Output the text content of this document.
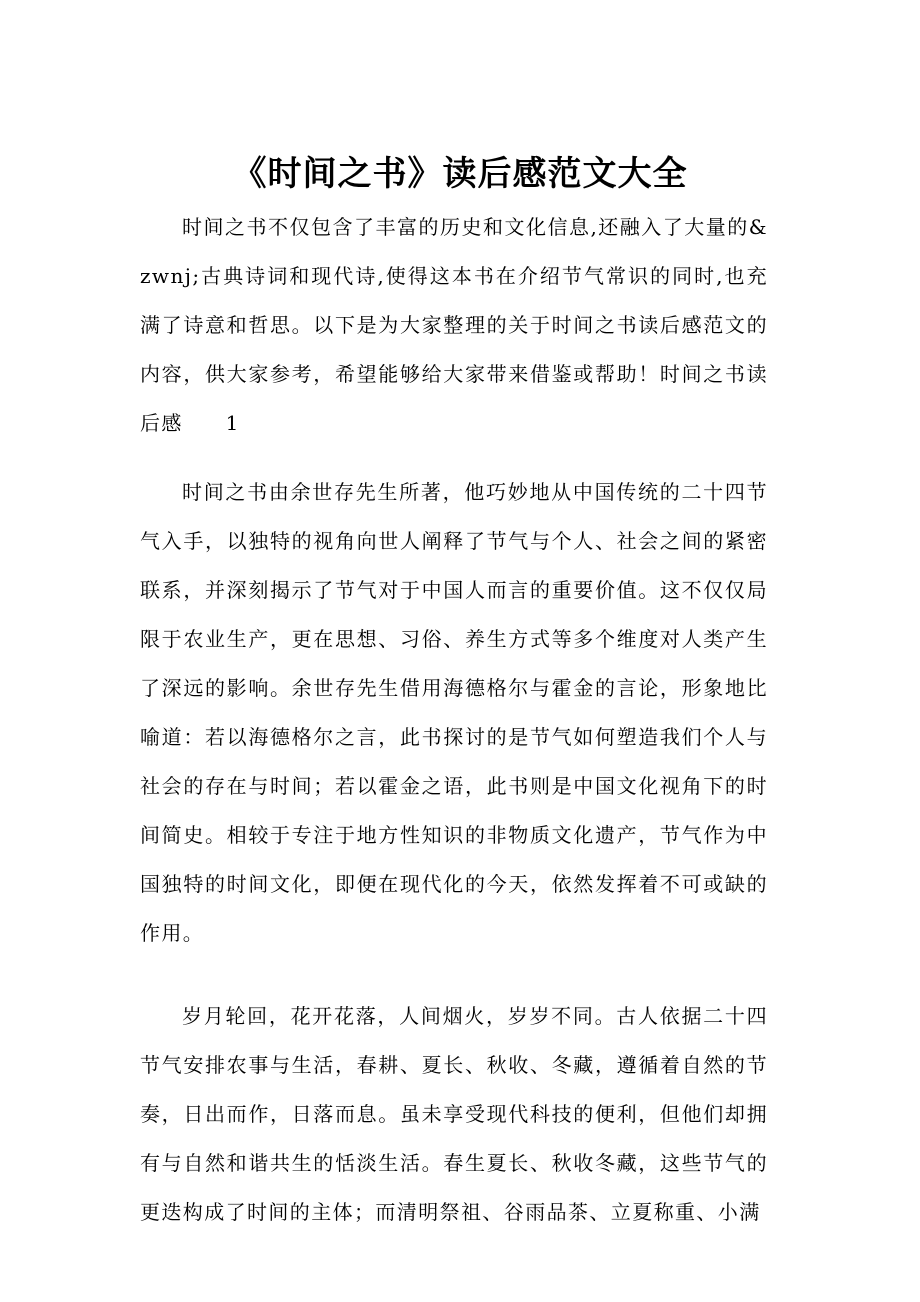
《时间之书》读后感范文大全

时间之书不仅包含了丰富的历史和文化信息,还融入了大量的&zwnj;古典诗词和现代诗,使得这本书在介绍节气常识的同时,也充满了诗意和哲思。以下是为大家整理的关于时间之书读后感范文的内容，供大家参考，希望能够给大家带来借鉴或帮助！时间之书读后感　　1

时间之书由余世存先生所著，他巧妙地从中国传统的二十四节气入手，以独特的视角向世人阐释了节气与个人、社会之间的紧密联系，并深刻揭示了节气对于中国人而言的重要价值。这不仅仅局限于农业生产，更在思想、习俗、养生方式等多个维度对人类产生了深远的影响。余世存先生借用海德格尔与霍金的言论，形象地比喻道：若以海德格尔之言，此书探讨的是节气如何塑造我们个人与社会的存在与时间；若以霍金之语，此书则是中国文化视角下的时间简史。相较于专注于地方性知识的非物质文化遗产，节气作为中国独特的时间文化，即便在现代化的今天，依然发挥着不可或缺的作用。

岁月轮回，花开花落，人间烟火，岁岁不同。古人依据二十四节气安排农事与生活，春耕、夏长、秋收、冬藏，遵循着自然的节奏，日出而作，日落而息。虽未享受现代科技的便利，但他们却拥有与自然和谐共生的恬淡生活。春生夏长、秋收冬藏，这些节气的更迭构成了时间的主体；而清明祭祖、谷雨品茶、立夏称重、小满
